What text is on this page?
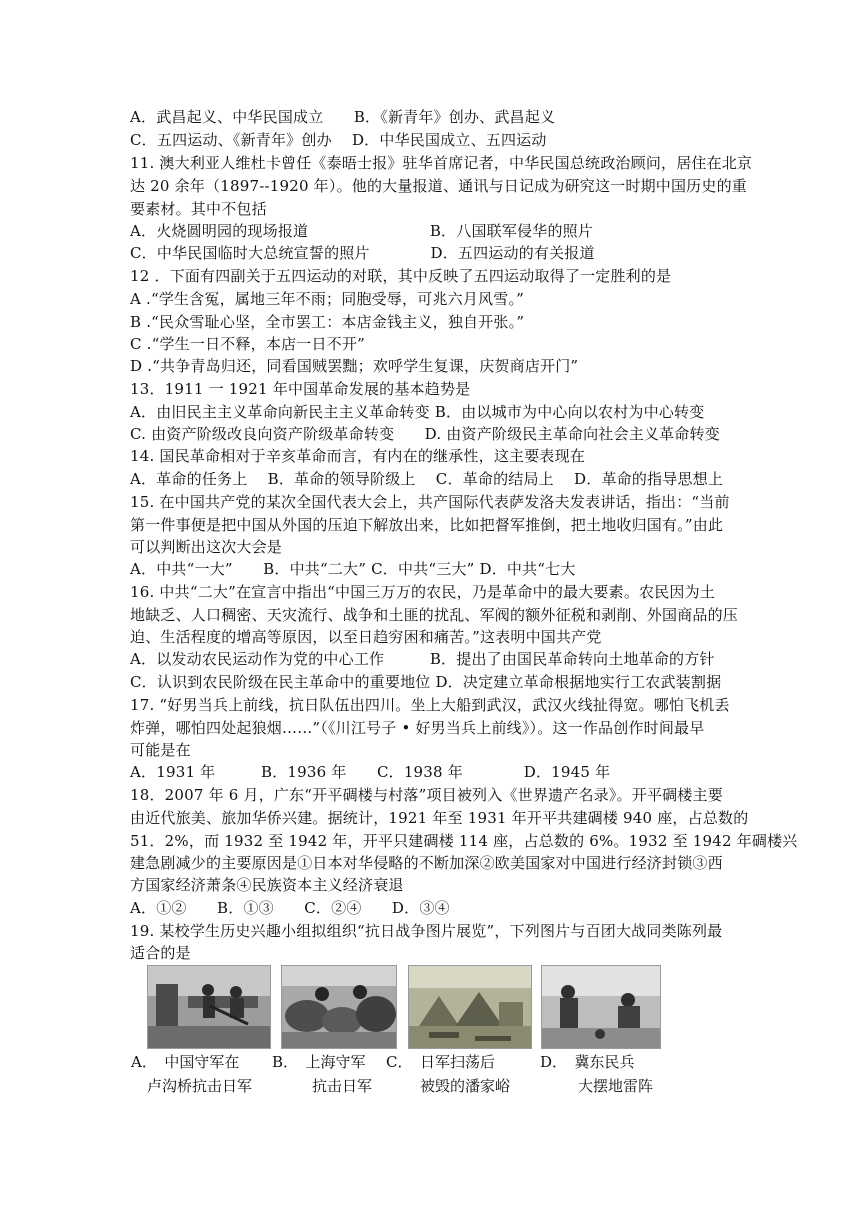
A．武昌起义、中华民国成立　　B．《新青年》创办、武昌起义
C．五四运动、《新青年》创办　 D．中华民国成立、五四运动
11. 澳大利亚人维杜卡曾任《泰晤士报》驻华首席记者，中华民国总统政治顾问，居住在北京
达 20 余年（1897--1920 年）。他的大量报道、通讯与日记成为研究这一时期中国历史的重
要素材。其中不包括
A．火烧圆明园的现场报道　　　　　　　　B．八国联军侵华的照片
C．中华民国临时大总统宣誓的照片　　　　D．五四运动的有关报道
12 ．下面有四副关于五四运动的对联，其中反映了五四运动取得了一定胜利的是
A .“学生含冤，属地三年不雨；同胞受辱，可兆六月风雪。”
B .“民众雪耻心坚，全市罢工：本店金钱主义，独自开张。”
C .“学生一日不释，本店一日不开”
D .“共争青岛归还，同看国贼罢黜；欢呼学生复课，庆贺商店开门”
13．1911 一 1921 年中国革命发展的基本趋势是
A．由旧民主主义革命向新民主主义革命转变 B．由以城市为中心向以农村为中心转变
C. 由资产阶级改良向资产阶级革命转变　　D. 由资产阶级民主革命向社会主义革命转变
14. 国民革命相对于辛亥革命而言，有内在的继承性，这主要表现在
A．革命的任务上　 B．革命的领导阶级上　 C．革命的结局上　 D．革命的指导思想上
15. 在中国共产党的某次全国代表大会上，共产国际代表萨发洛夫发表讲话，指出：“当前
第一件事便是把中国从外国的压迫下解放出来，比如把督军推倒，把土地收归国有。”由此
可以判断出这次大会是
A．中共“一大”　　B．中共“二大” C．中共“三大” D．中共“七大
16. 中共“二大”在宣言中指出“中国三万万的农民，乃是革命中的最大要素。农民因为土
地缺乏、人口稠密、天灾流行、战争和土匪的扰乱、军阀的额外征税和剥削、外国商品的压
迫、生活程度的增高等原因，以至日趋穷困和痛苦。”这表明中国共产党
A．以发动农民运动作为党的中心工作　　　B．提出了由国民革命转向土地革命的方针
C．认识到农民阶级在民主革命中的重要地位 D．决定建立革命根据地实行工农武装割据
17. “好男当兵上前线，抗日队伍出四川。坐上大船到武汉，武汉火线扯得宽。哪怕飞机丢
炸弹，哪怕四处起狼烟……”（《川江号子 • 好男当兵上前线》）。这一作品创作时间最早
可能是在
A．1931 年　　　B．1936 年　　C．1938 年　　　　D．1945 年
18．2007 年 6 月，广东“开平碉楼与村落”项目被列入《世界遗产名录》。开平碉楼主要
由近代旅美、旅加华侨兴建。据统计，1921 年至 1931 年开平共建碉楼 940 座，占总数的
51．2%，而 1932 至 1942 年，开平只建碉楼 114 座，占总数的 6%。1932 至 1942 年碉楼兴
建急剧减少的主要原因是①日本对华侵略的不断加深②欧美国家对中国进行经济封锁③西
方国家经济萧条④民族资本主义经济衰退
A．①②　　B．①③　　C．②④　　D．③④
19. 某校学生历史兴趣小组拟组织“抗日战争图片展览”，下列图片与百团大战同类陈列最
适合的是
A．　中国守军在
卢沟桥抗击日军
B．　上海守军
抗击日军
C．　日军扫荡后
被毁的潘家峪
D．　冀东民兵
大摆地雷阵
